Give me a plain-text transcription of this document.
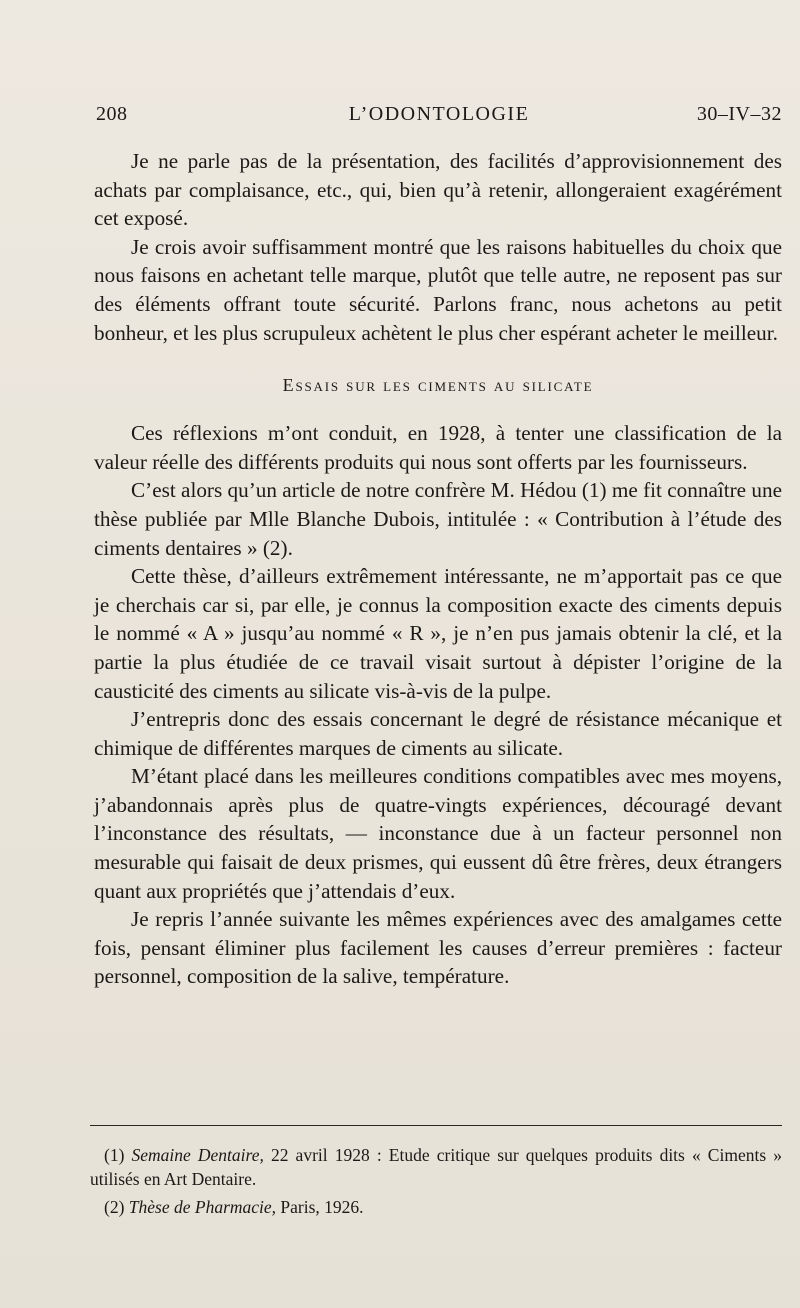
208	L’ODONTOLOGIE	30–IV–32

Je ne parle pas de la présentation, des facilités d’approvisionnement des achats par complaisance, etc., qui, bien qu’à retenir, allongeraient exagérément cet exposé.

Je crois avoir suffisamment montré que les raisons habituelles du choix que nous faisons en achetant telle marque, plutôt que telle autre, ne reposent pas sur des éléments offrant toute sécurité. Parlons franc, nous achetons au petit bonheur, et les plus scrupuleux achètent le plus cher espérant acheter le meilleur.

Essais sur les ciments au silicate

Ces réflexions m’ont conduit, en 1928, à tenter une classification de la valeur réelle des différents produits qui nous sont offerts par les fournisseurs.

C’est alors qu’un article de notre confrère M. Hédou (1) me fit connaître une thèse publiée par Mlle Blanche Dubois, intitulée : « Contribution à l’étude des ciments dentaires » (2).

Cette thèse, d’ailleurs extrêmement intéressante, ne m’apportait pas ce que je cherchais car si, par elle, je connus la composition exacte des ciments depuis le nommé « A » jusqu’au nommé « R », je n’en pus jamais obtenir la clé, et la partie la plus étudiée de ce travail visait surtout à dépister l’origine de la causticité des ciments au silicate vis-à-vis de la pulpe.

J’entrepris donc des essais concernant le degré de résistance mécanique et chimique de différentes marques de ciments au silicate.

M’étant placé dans les meilleures conditions compatibles avec mes moyens, j’abandonnais après plus de quatre-vingts expériences, découragé devant l’inconstance des résultats, — inconstance due à un facteur personnel non mesurable qui faisait de deux prismes, qui eussent dû être frères, deux étrangers quant aux propriétés que j’attendais d’eux.

Je repris l’année suivante les mêmes expériences avec des amalgames cette fois, pensant éliminer plus facilement les causes d’erreur premières : facteur personnel, composition de la salive, température.

(1) Semaine Dentaire, 22 avril 1928 : Etude critique sur quelques produits dits « Ciments » utilisés en Art Dentaire.

(2) Thèse de Pharmacie, Paris, 1926.
